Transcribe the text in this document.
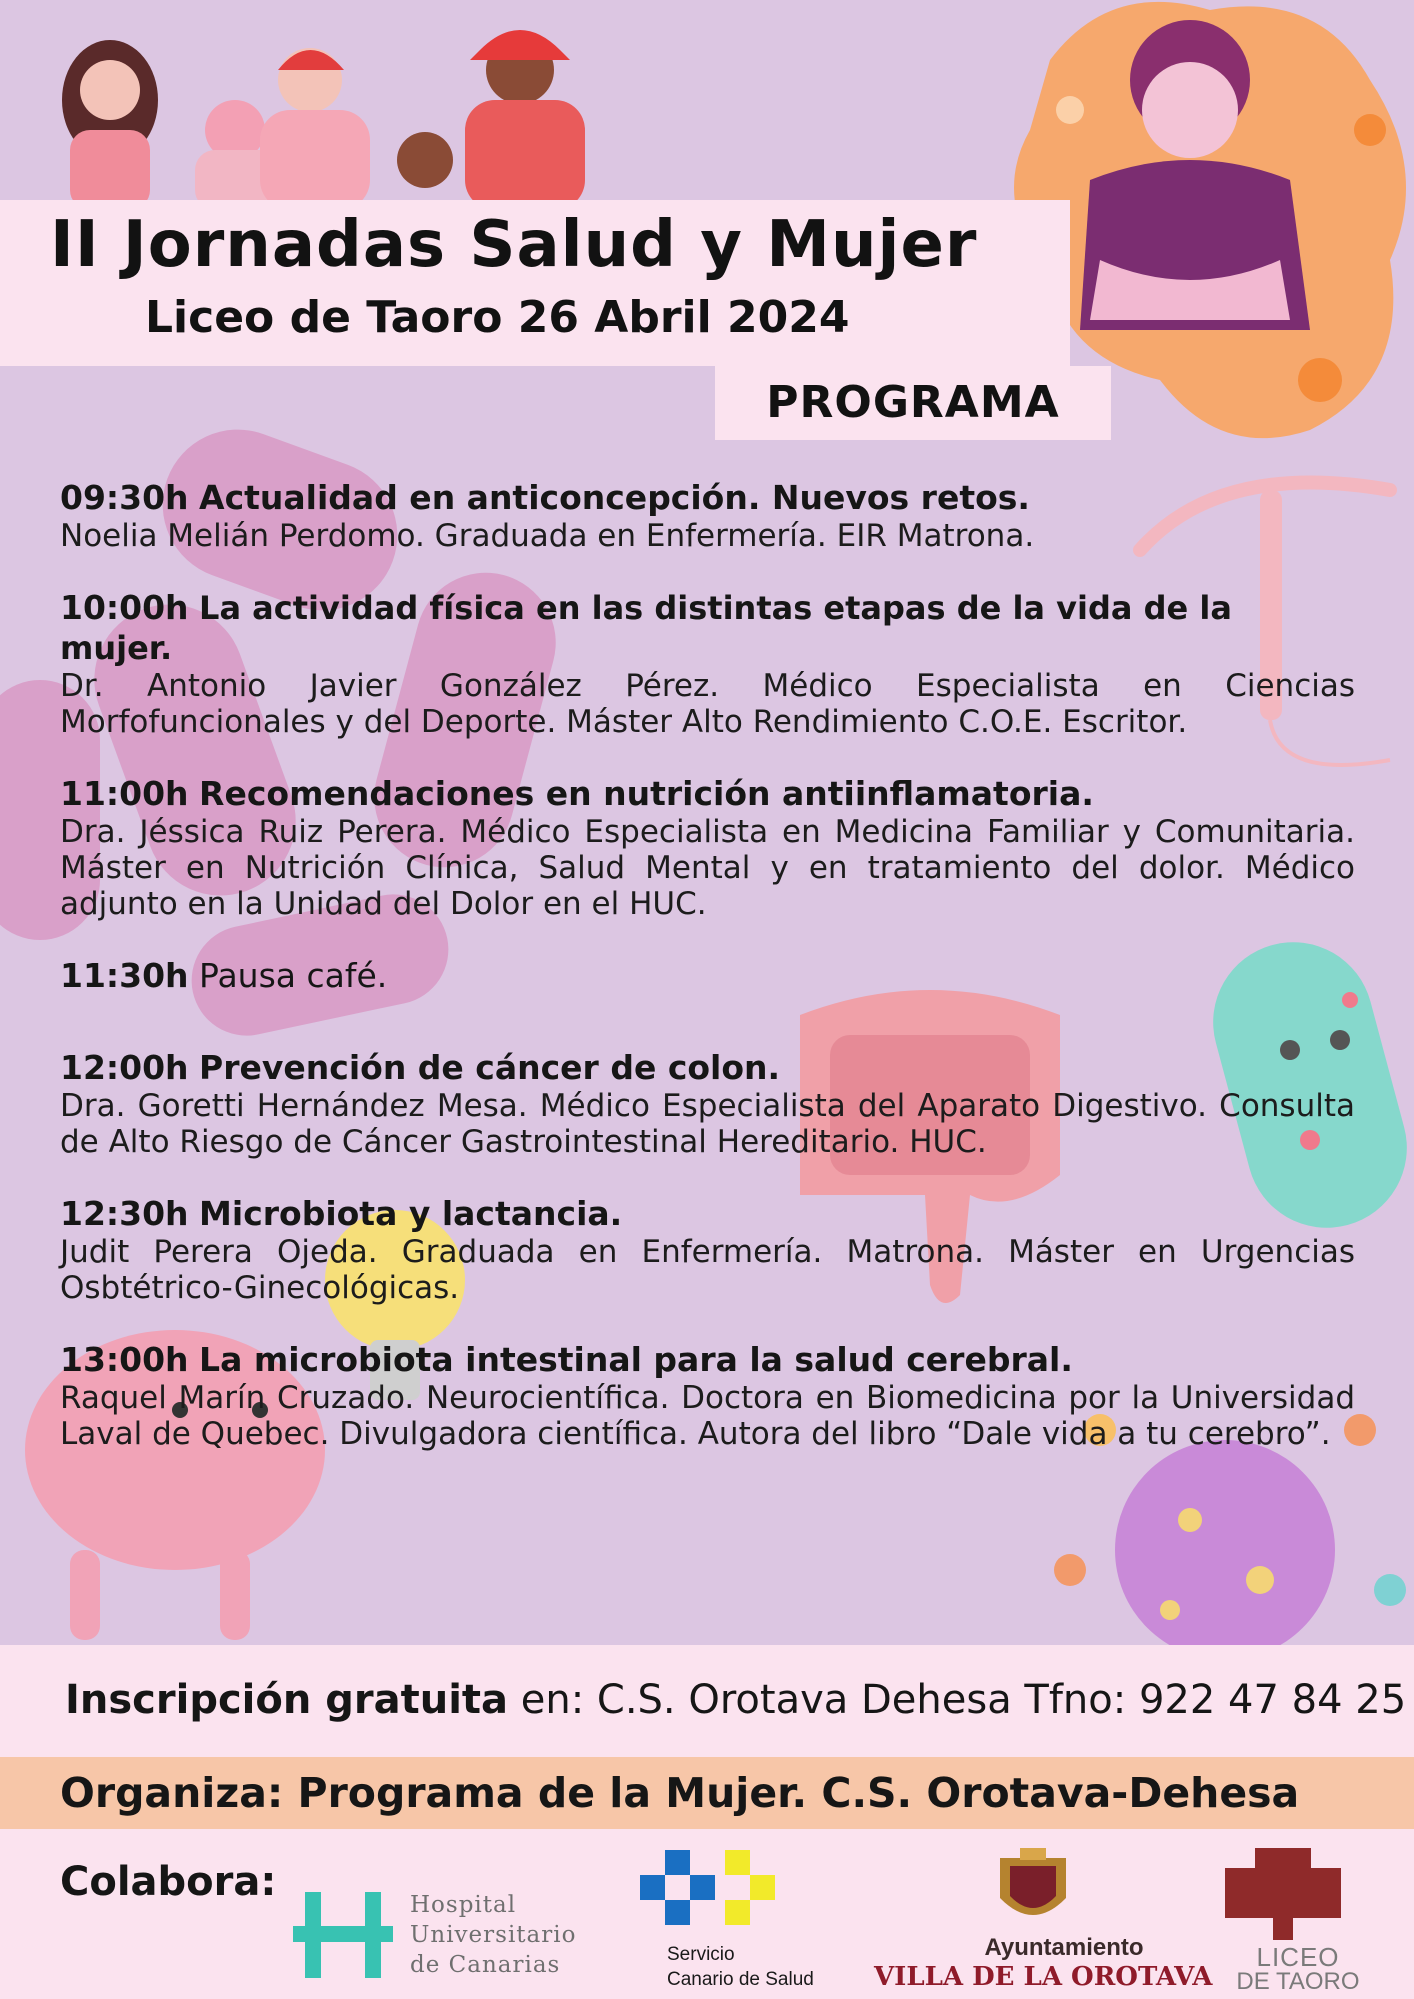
II Jornadas Salud y Mujer
Liceo de Taoro 26 Abril 2024
PROGRAMA
09:30h Actualidad en anticoncepción. Nuevos retos.
Noelia Melián Perdomo. Graduada en Enfermería. EIR Matrona.
10:00h La actividad física en las distintas etapas de la vida de la mujer.
Dr. Antonio Javier González Pérez. Médico Especialista en Ciencias Morfofuncionales y del Deporte. Máster Alto Rendimiento C.O.E. Escritor.
11:00h Recomendaciones en nutrición antiinflamatoria.
Dra. Jéssica Ruiz Perera. Médico Especialista en Medicina Familiar y Comunitaria. Máster en Nutrición Clínica, Salud Mental y en tratamiento del dolor. Médico adjunto en la Unidad del Dolor en el HUC.
11:30h Pausa café.
12:00h Prevención de cáncer de colon.
Dra. Goretti Hernández Mesa. Médico Especialista del Aparato Digestivo. Consulta de Alto Riesgo de Cáncer Gastrointestinal Hereditario. HUC.
12:30h Microbiota y lactancia.
Judit Perera Ojeda. Graduada en Enfermería. Matrona. Máster en Urgencias Osbtétrico-Ginecológicas.
13:00h La microbiota intestinal para la salud cerebral.
Raquel Marín Cruzado. Neurocientífica. Doctora en Biomedicina por la Universidad Laval de Quebec. Divulgadora científica. Autora del libro “Dale vida a tu cerebro”.
Inscripción gratuita en: C.S. Orotava Dehesa Tfno: 922 47 84 25
Organiza: Programa de la Mujer. C.S. Orotava-Dehesa
Colabora:	Hospital
Universitario
de Canarias	Servicio
Canario de Salud
Ayuntamiento
VILLA DE LA OROTAVA
LICEO
DE TAORO
